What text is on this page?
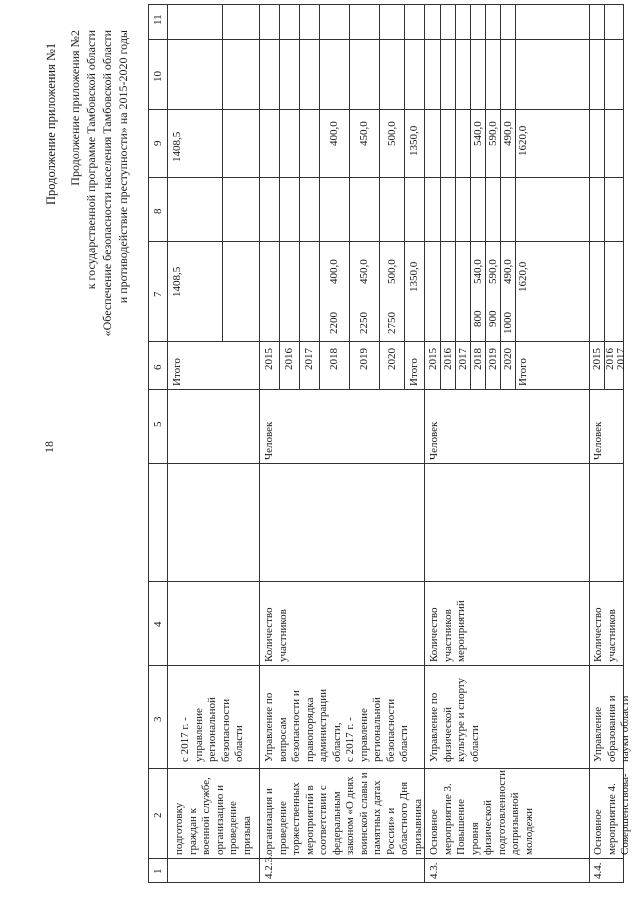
18
Продолжение приложения №1 Продолжение приложения №2 к государственной программе Тамбовской области «Обеспечение безопасности населения Тамбовской области и противодействие преступности» на 2015-2020 годы
1
2
3
4
5
6
7
8
9
10
11
подготовку граждан к военной службе, организацию и проведение призыва
с 2017 г. - управление региональной безопасности области
Итого
1408,5
1408,5
4.2.3.
организация и проведение торжественных мероприятий в соответствии с федеральным законом «О днях воинской славы и памятных датах России» и областного Дня призывника
Управление по вопросам безопасности и правопорядка администрации области, с 2017 г. - управление региональной безопасности области
Количество участников
Человек
2015 2016 2017 2018 2019 2020 Итого
2200 2250 2750
400,0 450,0 500,0 1350,0
400,0 450,0 500,0 1350,0
4.3.
Основное мероприятие 3. Повышение уровня физической подготовленности допризывной молодежи
Управление по физической культуре и спорту области
Количество участников мероприятий
Человек
2015 2016 2017 2018 2019 2020 Итого
800 900 1000
540,0 590,0 490,0 1620,0
540,0 590,0 490,0 1620,0
4.4.
Основное мероприятие 4. Совершенствова-
Управление образования и науки области
Количество участников
Человек
2015 2016 2017
